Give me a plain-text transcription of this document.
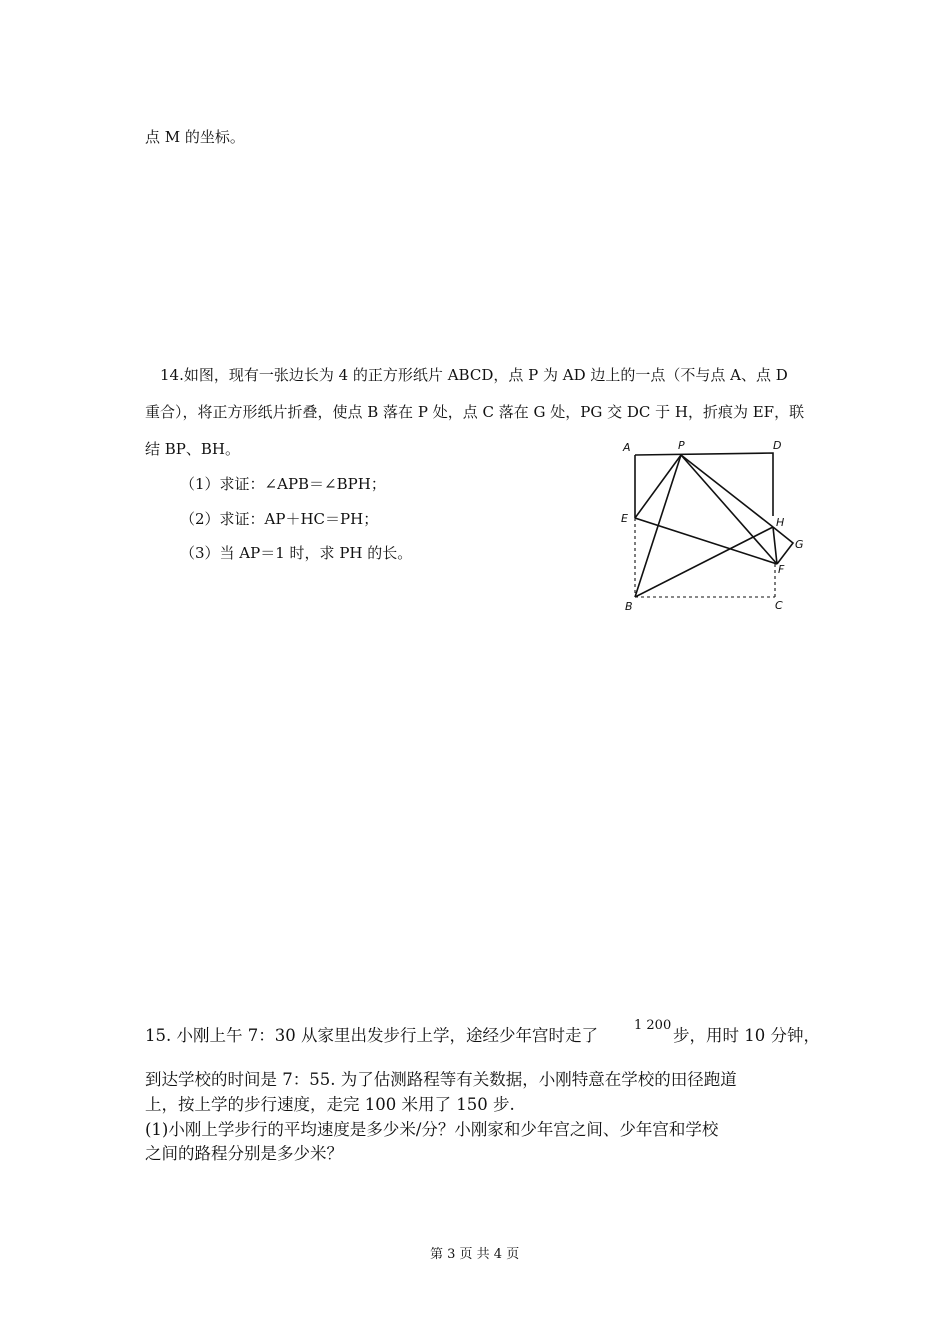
点 M 的坐标。
14.如图，现有一张边长为 4 的正方形纸片 ABCD，点 P 为 AD 边上的一点（不与点 A、点 D
重合），将正方形纸片折叠，使点 B 落在 P 处，点 C 落在 G 处，PG 交 DC 于 H，折痕为 EF，联
结 BP、BH。
（1）求证：∠APB＝∠BPH；
（2）求证：AP＋HC＝PH；
（3）当 AP＝1 时，求 PH 的长。
A	P	D
E	H
G
F
B	C
15. 小刚上午 7：30 从家里出发步行上学，途经少年宫时走了
1 200
步，用时 10 分钟，
到达学校的时间是 7：55. 为了估测路程等有关数据，小刚特意在学校的田径跑道
上，按上学的步行速度，走完 100 米用了 150 步.
(1)小刚上学步行的平均速度是多少米/分？小刚家和少年宫之间、少年宫和学校
之间的路程分别是多少米？
第 3 页 共 4 页
